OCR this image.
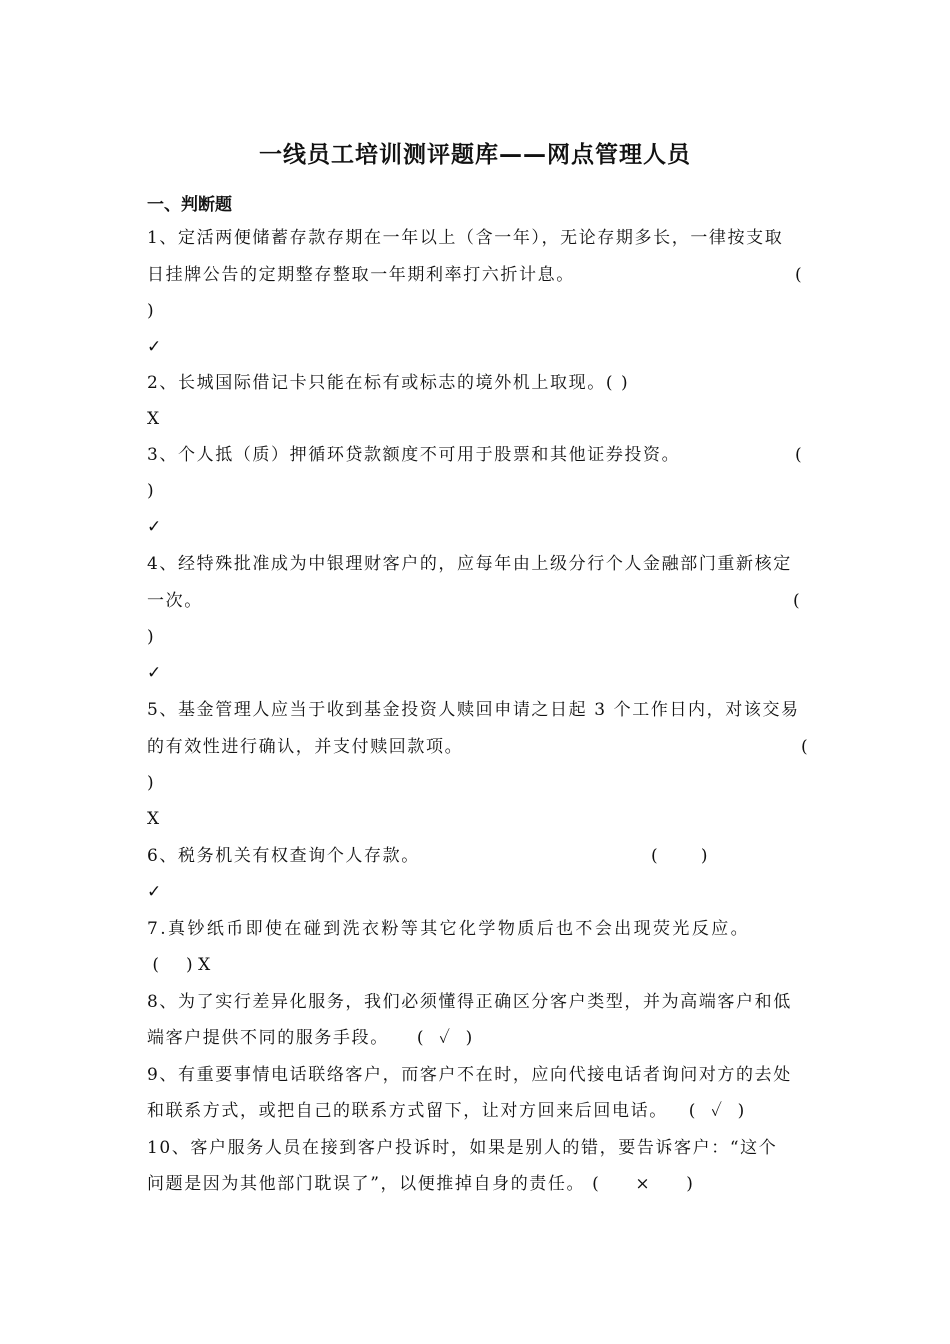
一线员工培训测评题库——网点管理人员
一、判断题
1、定活两便储蓄存款存期在一年以上（含一年），无论存期多长，一律按支取
日挂牌公告的定期整存整取一年期利率打六折计息。	(
)
✓
2、长城国际借记卡只能在标有或标志的境外机上取现。( )
X
3、个人抵（质）押循环贷款额度不可用于股票和其他证券投资。	(
)
✓
4、经特殊批准成为中银理财客户的，应每年由上级分行个人金融部门重新核定
一次。	(
)
✓
5、基金管理人应当于收到基金投资人赎回申请之日起 3 个工作日内，对该交易
的有效性进行确认，并支付赎回款项。	(
)
X
6、税务机关有权查询个人存款。	(        )
✓
7.真钞纸币即使在碰到洗衣粉等其它化学物质后也不会出现荧光反应。
(     ) X
8、为了实行差异化服务，我们必须懂得正确区分客户类型，并为高端客户和低
端客户提供不同的服务手段。    (  ✓  )
9、有重要事情电话联络客户，而客户不在时，应向代接电话者询问对方的去处
和联系方式，或把自己的联系方式留下，让对方回来后回电话。   (  ✓  )
10、客户服务人员在接到客户投诉时，如果是别人的错，要告诉客户：“这个
问题是因为其他部门耽误了”，以便推掉自身的责任。 (     ×     )
